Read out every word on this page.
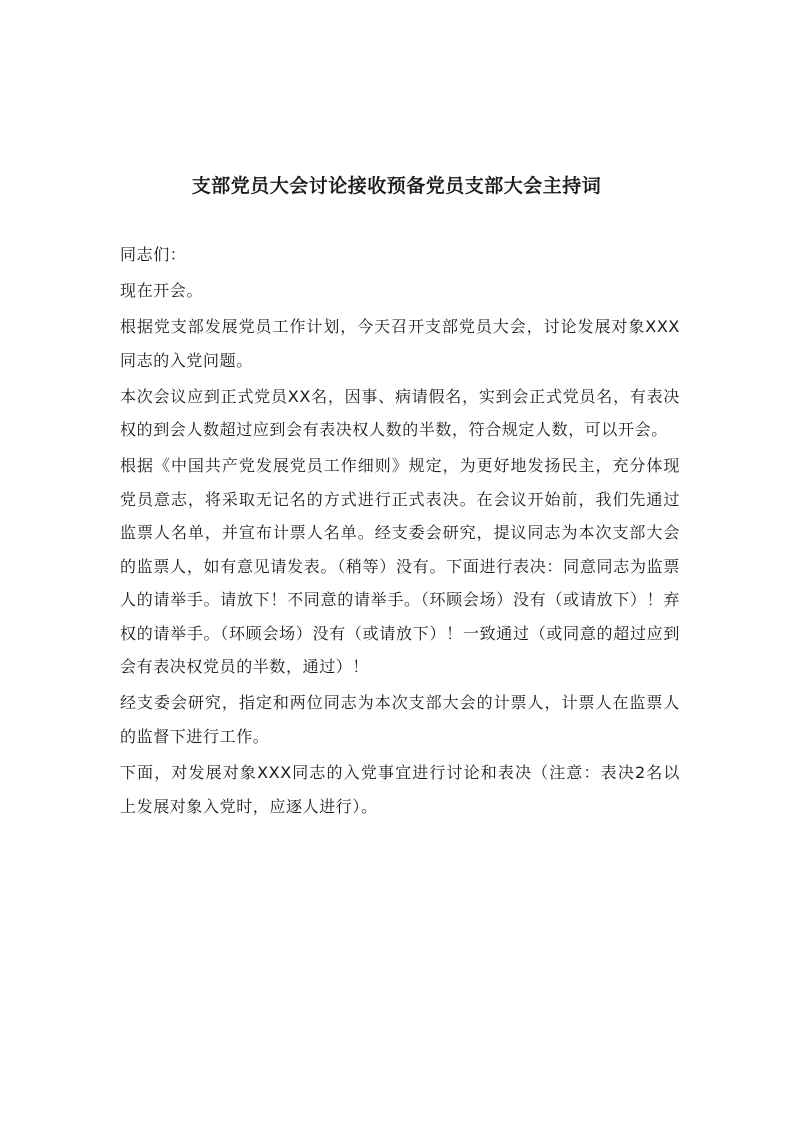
支部党员大会讨论接收预备党员支部大会主持词

同志们：

现在开会。

根据党支部发展党员工作计划，今天召开支部党员大会，讨论发展对象XXX同志的入党问题。

本次会议应到正式党员XX名，因事、病请假名，实到会正式党员名，有表决权的到会人数超过应到会有表决权人数的半数，符合规定人数，可以开会。

根据《中国共产党发展党员工作细则》规定，为更好地发扬民主，充分体现党员意志，将采取无记名的方式进行正式表决。在会议开始前，我们先通过监票人名单，并宣布计票人名单。经支委会研究，提议同志为本次支部大会的监票人，如有意见请发表。（稍等）没有。下面进行表决：同意同志为监票人的请举手。请放下！不同意的请举手。（环顾会场）没有（或请放下）！弃权的请举手。（环顾会场）没有（或请放下）！一致通过（或同意的超过应到会有表决权党员的半数，通过）！

经支委会研究，指定和两位同志为本次支部大会的计票人，计票人在监票人的监督下进行工作。

下面，对发展对象XXX同志的入党事宜进行讨论和表决（注意：表决2名以上发展对象入党时，应逐人进行）。
